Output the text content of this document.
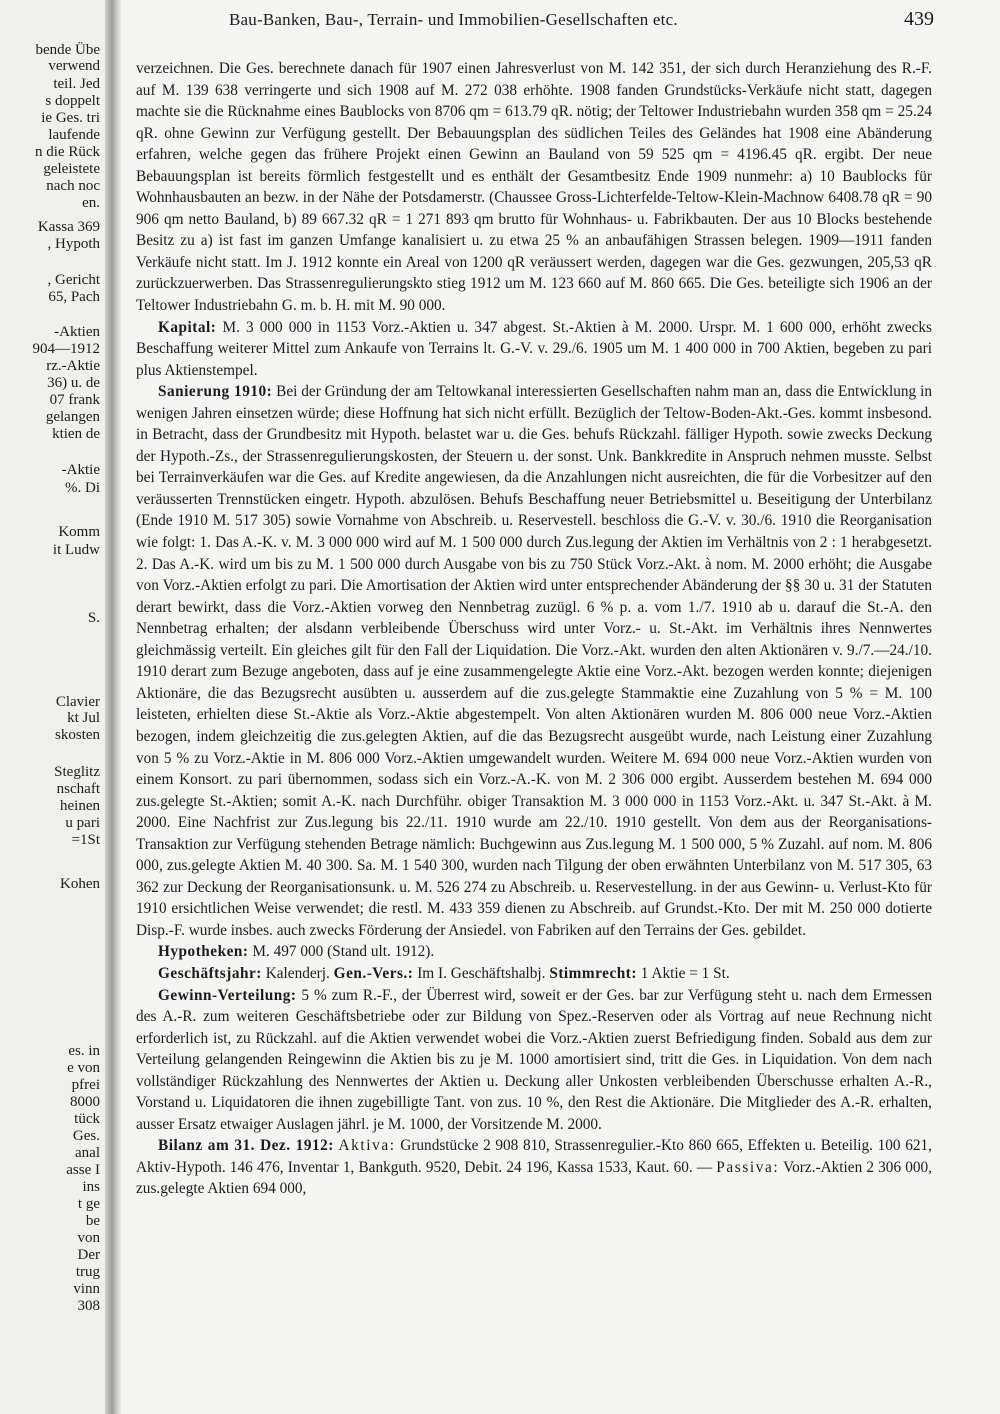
bende Übe
verwend
teil. Jed
s doppelt
ie Ges. tri
laufende
n die Rück
geleistete
nach noc
en.
Kassa 369
, Hypoth
, Gericht
65, Pach
-Aktien
904—1912
rz.-Aktie
36) u. de
07 frank
gelangen
ktien de
-Aktie
%. Di
Komm
it Ludw
S.
Clavier
kt Jul
skosten
Steglitz
nschaft
heinen
u pari
=1St
Kohen
es. in
e von
pfrei
8000
tück
Ges.
anal
asse I
ins
t ge
be
von
Der
trug
vinn
308
Bau-Banken, Bau-, Terrain- und Immobilien-Gesellschaften etc.	439

verzeichnen. Die Ges. berechnete danach für 1907 einen Jahresverlust von M. 142 351, der sich durch Heranziehung des R.-F. auf M. 139 638 verringerte und sich 1908 auf M. 272 038 erhöhte. 1908 fanden Grundstücks-Verkäufe nicht statt, dagegen machte sie die Rücknahme eines Baublocks von 8706 qm = 613.79 qR. nötig; der Teltower Industriebahn wurden 358 qm = 25.24 qR. ohne Gewinn zur Verfügung gestellt. Der Bebauungsplan des südlichen Teiles des Geländes hat 1908 eine Abänderung erfahren, welche gegen das frühere Projekt einen Gewinn an Bauland von 59 525 qm = 4196.45 qR. ergibt. Der neue Bebauungsplan ist bereits förmlich festgestellt und es enthält der Gesamtbesitz Ende 1909 nunmehr: a) 10 Baublocks für Wohnhausbauten an bezw. in der Nähe der Potsdamerstr. (Chaussee Gross-Lichterfelde-Teltow-Klein-Machnow 6408.78 qR = 90 906 qm netto Bauland, b) 89 667.32 qR = 1 271 893 qm brutto für Wohnhaus- u. Fabrikbauten. Der aus 10 Blocks bestehende Besitz zu a) ist fast im ganzen Umfange kanalisiert u. zu etwa 25 % an anbaufähigen Strassen belegen. 1909—1911 fanden Verkäufe nicht statt. Im J. 1912 konnte ein Areal von 1200 qR veräussert werden, dagegen war die Ges. gezwungen, 205,53 qR zurückzuerwerben. Das Strassenregulierungskto stieg 1912 um M. 123 660 auf M. 860 665. Die Ges. beteiligte sich 1906 an der Teltower Industriebahn G. m. b. H. mit M. 90 000.

Kapital: M. 3 000 000 in 1153 Vorz.-Aktien u. 347 abgest. St.-Aktien à M. 2000. Urspr. M. 1 600 000, erhöht zwecks Beschaffung weiterer Mittel zum Ankaufe von Terrains lt. G.-V. v. 29./6. 1905 um M. 1 400 000 in 700 Aktien, begeben zu pari plus Aktienstempel.

Sanierung 1910: Bei der Gründung der am Teltowkanal interessierten Gesellschaften nahm man an, dass die Entwicklung in wenigen Jahren einsetzen würde; diese Hoffnung hat sich nicht erfüllt. Bezüglich der Teltow-Boden-Akt.-Ges. kommt insbesond. in Betracht, dass der Grundbesitz mit Hypoth. belastet war u. die Ges. behufs Rückzahl. fälliger Hypoth. sowie zwecks Deckung der Hypoth.-Zs., der Strassenregulierungskosten, der Steuern u. der sonst. Unk. Bankkredite in Anspruch nehmen musste. Selbst bei Terrainverkäufen war die Ges. auf Kredite angewiesen, da die Anzahlungen nicht ausreichten, die für die Vorbesitzer auf den veräusserten Trennstücken eingetr. Hypoth. abzulösen. Behufs Beschaffung neuer Betriebsmittel u. Beseitigung der Unterbilanz (Ende 1910 M. 517 305) sowie Vornahme von Abschreib. u. Reservestell. beschloss die G.-V. v. 30./6. 1910 die Reorganisation wie folgt: 1. Das A.-K. v. M. 3 000 000 wird auf M. 1 500 000 durch Zus.legung der Aktien im Verhältnis von 2 : 1 herabgesetzt. 2. Das A.-K. wird um bis zu M. 1 500 000 durch Ausgabe von bis zu 750 Stück Vorz.-Akt. à nom. M. 2000 erhöht; die Ausgabe von Vorz.-Aktien erfolgt zu pari. Die Amortisation der Aktien wird unter entsprechender Abänderung der §§ 30 u. 31 der Statuten derart bewirkt, dass die Vorz.-Aktien vorweg den Nennbetrag zuzügl. 6 % p. a. vom 1./7. 1910 ab u. darauf die St.-A. den Nennbetrag erhalten; der alsdann verbleibende Überschuss wird unter Vorz.- u. St.-Akt. im Verhältnis ihres Nennwertes gleichmässig verteilt. Ein gleiches gilt für den Fall der Liquidation. Die Vorz.-Akt. wurden den alten Aktionären v. 9./7.—24./10. 1910 derart zum Bezuge angeboten, dass auf je eine zusammengelegte Aktie eine Vorz.-Akt. bezogen werden konnte; diejenigen Aktionäre, die das Bezugsrecht ausübten u. ausserdem auf die zus.gelegte Stammaktie eine Zuzahlung von 5 % = M. 100 leisteten, erhielten diese St.-Aktie als Vorz.-Aktie abgestempelt. Von alten Aktionären wurden M. 806 000 neue Vorz.-Aktien bezogen, indem gleichzeitig die zus.gelegten Aktien, auf die das Bezugsrecht ausgeübt wurde, nach Leistung einer Zuzahlung von 5 % zu Vorz.-Aktie in M. 806 000 Vorz.-Aktien umgewandelt wurden. Weitere M. 694 000 neue Vorz.-Aktien wurden von einem Konsort. zu pari übernommen, sodass sich ein Vorz.-A.-K. von M. 2 306 000 ergibt. Ausserdem bestehen M. 694 000 zus.gelegte St.-Aktien; somit A.-K. nach Durchführ. obiger Transaktion M. 3 000 000 in 1153 Vorz.-Akt. u. 347 St.-Akt. à M. 2000. Eine Nachfrist zur Zus.legung bis 22./11. 1910 wurde am 22./10. 1910 gestellt. Von dem aus der Reorganisations-Transaktion zur Verfügung stehenden Betrage nämlich: Buchgewinn aus Zus.legung M. 1 500 000, 5 % Zuzahl. auf nom. M. 806 000, zus.gelegte Aktien M. 40 300. Sa. M. 1 540 300, wurden nach Tilgung der oben erwähnten Unterbilanz von M. 517 305, 63 362 zur Deckung der Reorganisationsunk. u. M. 526 274 zu Abschreib. u. Reservestellung. in der aus Gewinn- u. Verlust-Kto für 1910 ersichtlichen Weise verwendet; die restl. M. 433 359 dienen zu Abschreib. auf Grundst.-Kto. Der mit M. 250 000 dotierte Disp.-F. wurde insbes. auch zwecks Förderung der Ansiedel. von Fabriken auf den Terrains der Ges. gebildet.

Hypotheken: M. 497 000 (Stand ult. 1912).

Geschäftsjahr: Kalenderj. Gen.-Vers.: Im I. Geschäftshalbj. Stimmrecht: 1 Aktie = 1 St.

Gewinn-Verteilung: 5 % zum R.-F., der Überrest wird, soweit er der Ges. bar zur Verfügung steht u. nach dem Ermessen des A.-R. zum weiteren Geschäftsbetriebe oder zur Bildung von Spez.-Reserven oder als Vortrag auf neue Rechnung nicht erforderlich ist, zu Rückzahl. auf die Aktien verwendet wobei die Vorz.-Aktien zuerst Befriedigung finden. Sobald aus dem zur Verteilung gelangenden Reingewinn die Aktien bis zu je M. 1000 amortisiert sind, tritt die Ges. in Liquidation. Von dem nach vollständiger Rückzahlung des Nennwertes der Aktien u. Deckung aller Unkosten verbleibenden Überschusse erhalten A.-R., Vorstand u. Liquidatoren die ihnen zugebilligte Tant. von zus. 10 %, den Rest die Aktionäre. Die Mitglieder des A.-R. erhalten, ausser Ersatz etwaiger Auslagen jährl. je M. 1000, der Vorsitzende M. 2000.

Bilanz am 31. Dez. 1912: Aktiva: Grundstücke 2 908 810, Strassenregulier.-Kto 860 665, Effekten u. Beteilig. 100 621, Aktiv-Hypoth. 146 476, Inventar 1, Bankguth. 9520, Debit. 24 196, Kassa 1533, Kaut. 60. — Passiva: Vorz.-Aktien 2 306 000, zus.gelegte Aktien 694 000,
